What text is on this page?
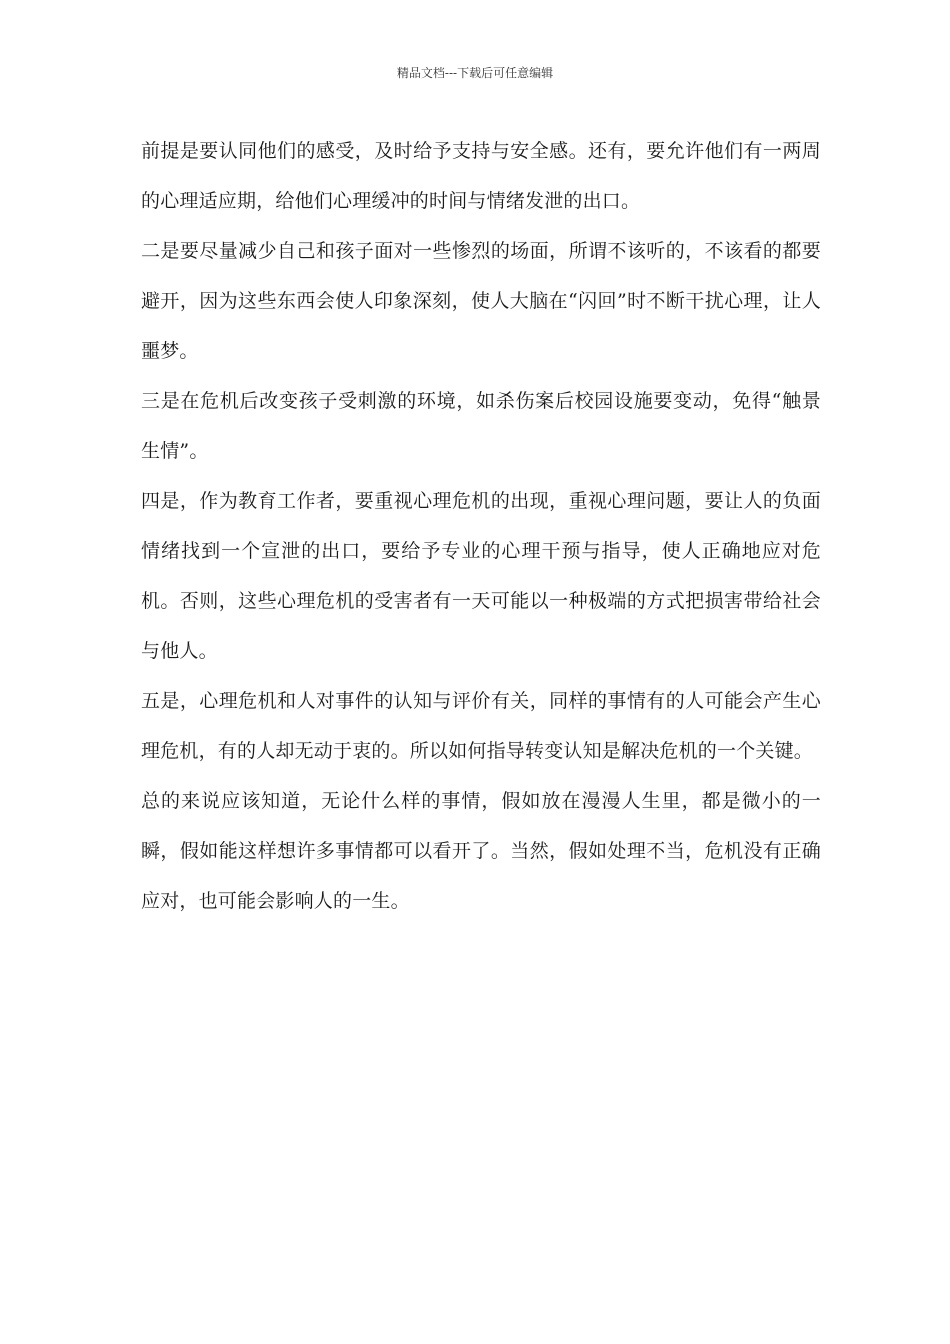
精品文档---下载后可任意编辑

前提是要认同他们的感受，及时给予支持与安全感。还有，要允许他们有一两周的心理适应期，给他们心理缓冲的时间与情绪发泄的出口。

二是要尽量减少自己和孩子面对一些惨烈的场面，所谓不该听的，不该看的都要避开，因为这些东西会使人印象深刻，使人大脑在“闪回”时不断干扰心理，让人噩梦。

三是在危机后改变孩子受刺激的环境，如杀伤案后校园设施要变动，免得“触景生情”。

四是，作为教育工作者，要重视心理危机的出现，重视心理问题，要让人的负面情绪找到一个宣泄的出口，要给予专业的心理干预与指导，使人正确地应对危机。否则，这些心理危机的受害者有一天可能以一种极端的方式把损害带给社会与他人。

五是，心理危机和人对事件的认知与评价有关，同样的事情有的人可能会产生心理危机，有的人却无动于衷的。所以如何指导转变认知是解决危机的一个关键。

总的来说应该知道，无论什么样的事情，假如放在漫漫人生里，都是微小的一瞬，假如能这样想许多事情都可以看开了。当然，假如处理不当，危机没有正确应对，也可能会影响人的一生。
